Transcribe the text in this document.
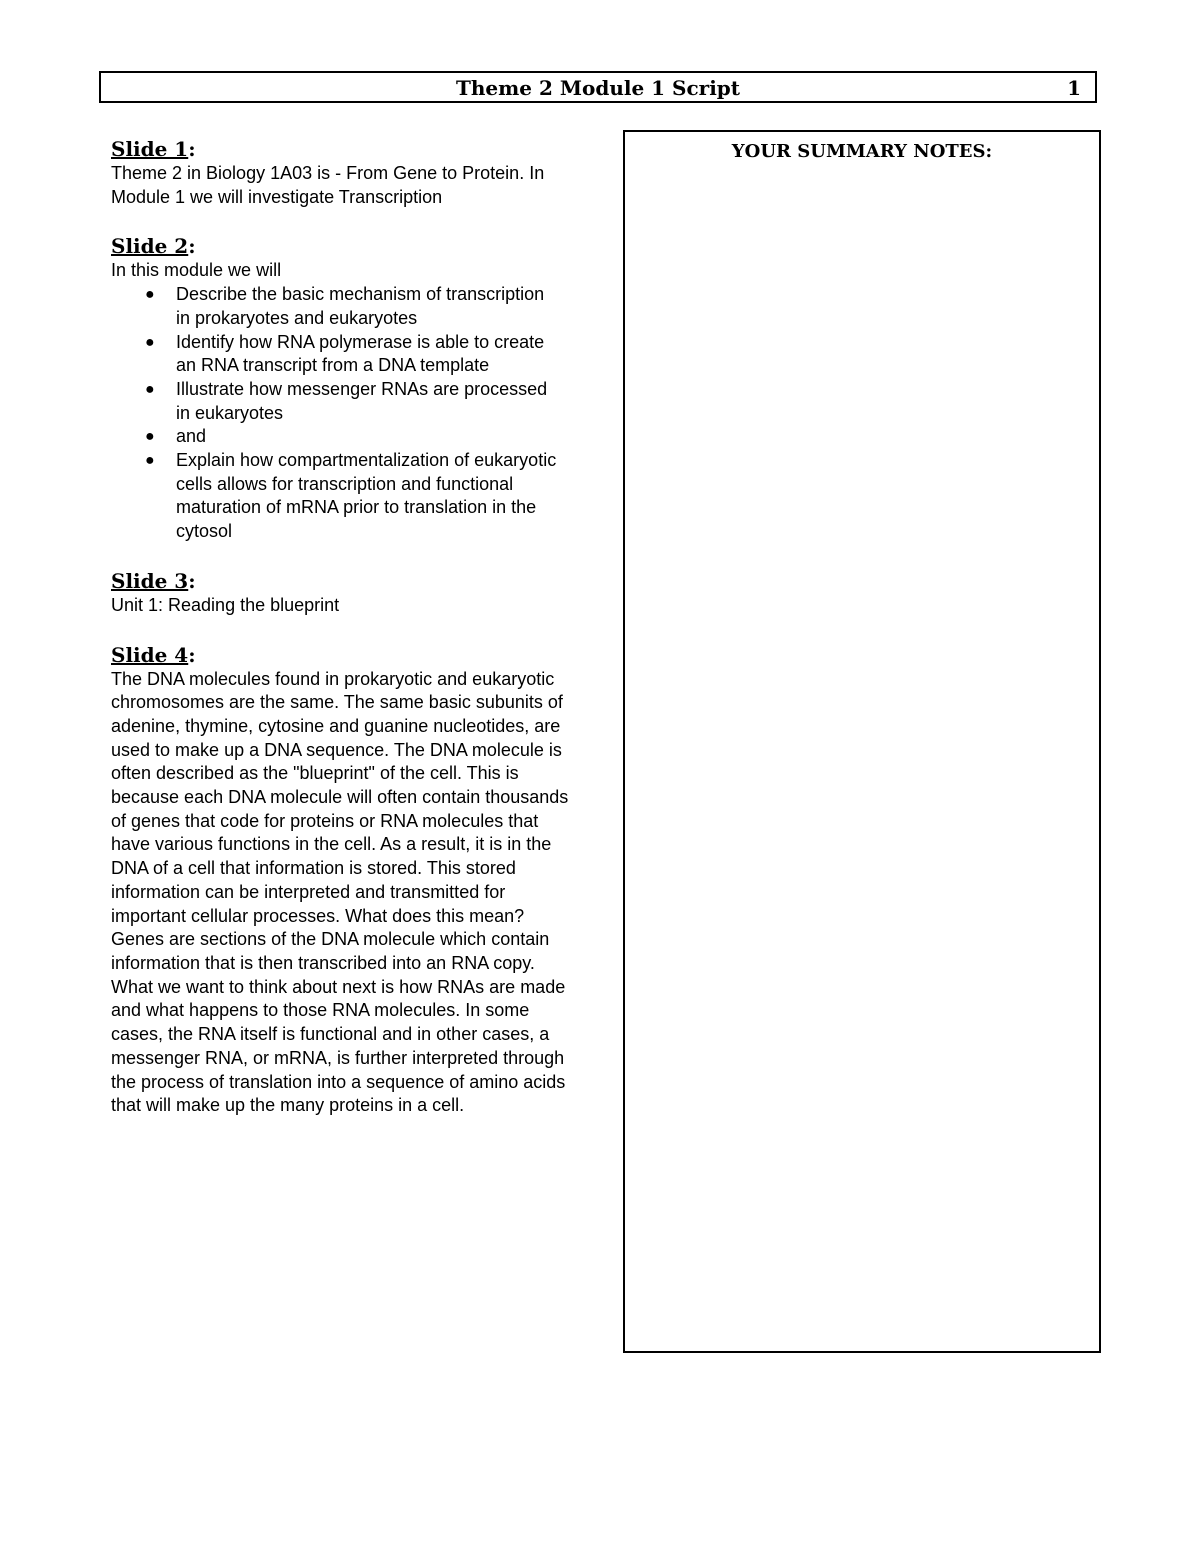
Theme 2 Module 1 Script	1
Slide 1:
Theme 2 in Biology 1A03 is - From Gene to Protein. In Module 1 we will investigate Transcription
Slide 2:
In this module we will
● Describe the basic mechanism of transcription in prokaryotes and eukaryotes
● Identify how RNA polymerase is able to create an RNA transcript from a DNA template
● Illustrate how messenger RNAs are processed in eukaryotes
● and
● Explain how compartmentalization of eukaryotic cells allows for transcription and functional maturation of mRNA prior to translation in the cytosol
Slide 3:
Unit 1: Reading the blueprint
Slide 4:
The DNA molecules found in prokaryotic and eukaryotic chromosomes are the same. The same basic subunits of adenine, thymine, cytosine and guanine nucleotides, are used to make up a DNA sequence. The DNA molecule is often described as the "blueprint" of the cell. This is because each DNA molecule will often contain thousands of genes that code for proteins or RNA molecules that have various functions in the cell. As a result, it is in the DNA of a cell that information is stored. This stored information can be interpreted and transmitted for important cellular processes. What does this mean? Genes are sections of the DNA molecule which contain information that is then transcribed into an RNA copy. What we want to think about next is how RNAs are made and what happens to those RNA molecules. In some cases, the RNA itself is functional and in other cases, a messenger RNA, or mRNA, is further interpreted through the process of translation into a sequence of amino acids that will make up the many proteins in a cell.
YOUR SUMMARY NOTES:
